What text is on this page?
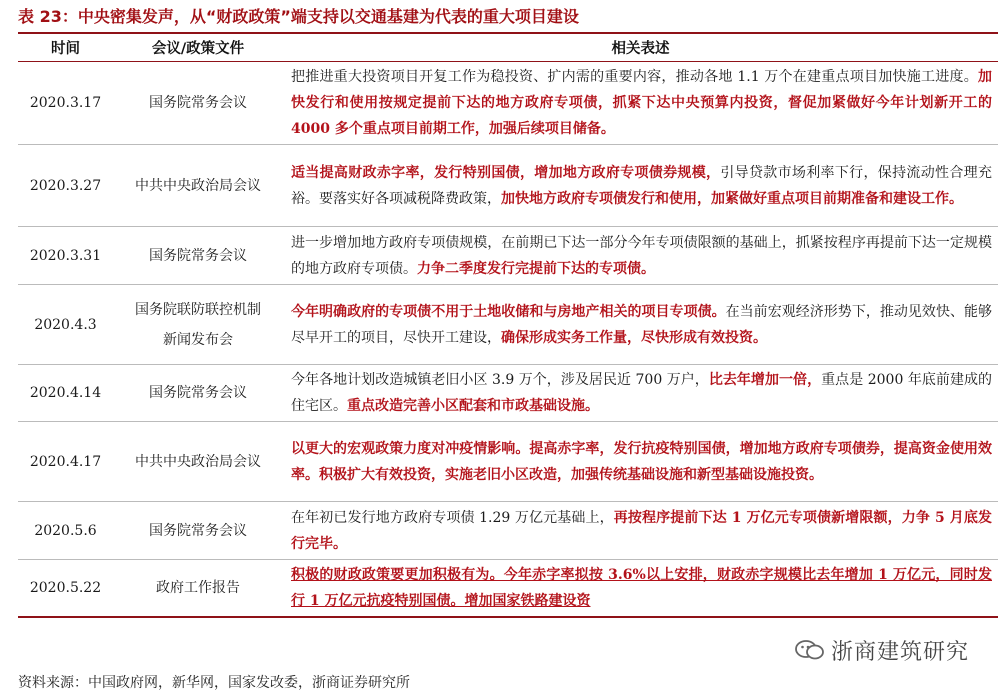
表 23：中央密集发声，从“财政政策”端支持以交通基建为代表的重大项目建设
时间	会议/政策文件	相关表述
2020.3.17	国务院常务会议	把推进重大投资项目开复工作为稳投资、扩内需的重要内容，推动各地 1.1 万个在建重点项目加快施工进度。加快发行和使用按规定提前下达的地方政府专项债，抓紧下达中央预算内投资，督促加紧做好今年计划新开工的 4000 多个重点项目前期工作，加强后续项目储备。
2020.3.27	中共中央政治局会议	适当提高财政赤字率，发行特别国债，增加地方政府专项债券规模，引导贷款市场利率下行，保持流动性合理充裕。要落实好各项减税降费政策，加快地方政府专项债发行和使用，加紧做好重点项目前期准备和建设工作。
2020.3.31	国务院常务会议	进一步增加地方政府专项债规模，在前期已下达一部分今年专项债限额的基础上，抓紧按程序再提前下达一定规模的地方政府专项债。力争二季度发行完提前下达的专项债。
2020.4.3	国务院联防联控机制新闻发布会	今年明确政府的专项债不用于土地收储和与房地产相关的项目专项债。在当前宏观经济形势下，推动见效快、能够尽早开工的项目，尽快开工建设，确保形成实务工作量，尽快形成有效投资。
2020.4.14	国务院常务会议	今年各地计划改造城镇老旧小区 3.9 万个，涉及居民近 700 万户，比去年增加一倍，重点是 2000 年底前建成的住宅区。重点改造完善小区配套和市政基础设施。
2020.4.17	中共中央政治局会议	以更大的宏观政策力度对冲疫情影响。提高赤字率，发行抗疫特别国债，增加地方政府专项债券，提高资金使用效率。积极扩大有效投资，实施老旧小区改造，加强传统基础设施和新型基础设施投资。
2020.5.6	国务院常务会议	在年初已发行地方政府专项债 1.29 万亿元基础上，再按程序提前下达 1 万亿元专项债新增限额，力争 5 月底发行完毕。
2020.5.22	政府工作报告	积极的财政政策要更加积极有为。今年赤字率拟按 3.6%以上安排，财政赤字规模比去年增加 1 万亿元，同时发行 1 万亿元抗疫特别国债。增加国家铁路建设资
资料来源：中国政府网，新华网，国家发改委，浙商证券研究所
浙商建筑研究
